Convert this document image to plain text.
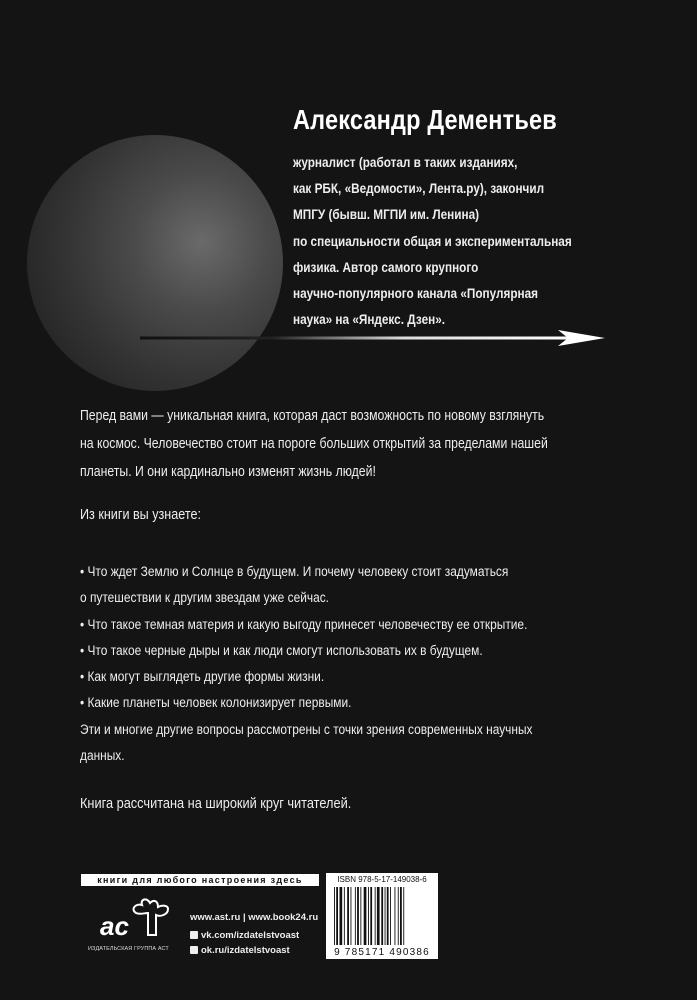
Александр Дементьев
журналист (работал в таких изданиях,
как РБК, «Ведомости», Лента.ру), закончил
МПГУ (бывш. МГПИ им. Ленина)
по специальности общая и экспериментальная
физика. Автор самого крупного
научно-популярного канала «Популярная
наука» на «Яндекс. Дзен».
Перед вами — уникальная книга, которая даст возможность по новому взглянуть
на космос. Человечество стоит на пороге больших открытий за пределами нашей
планеты. И они кардинально изменят жизнь людей!
Из книги вы узнаете:
• Что ждет Землю и Солнце в будущем. И почему человеку стоит задуматься
о путешествии к другим звездам уже сейчас.
• Что такое темная материя и какую выгоду принесет человечеству ее открытие.
• Что такое черные дыры и как люди смогут использовать их в будущем.
• Как могут выглядеть другие формы жизни.
• Какие планеты человек колонизирует первыми.
Эти и многие другие вопросы рассмотрены с точки зрения современных научных
данных.
Книга рассчитана на широкий круг читателей.
книги для любого настроения здесь
ac
ИЗДАТЕЛЬСКАЯ ГРУППА АСТ
www.ast.ru | www.book24.ru
vk.com/izdatelstvoast
ok.ru/izdatelstvoast
ISBN 978-5-17-149038-6
9 785171 490386
